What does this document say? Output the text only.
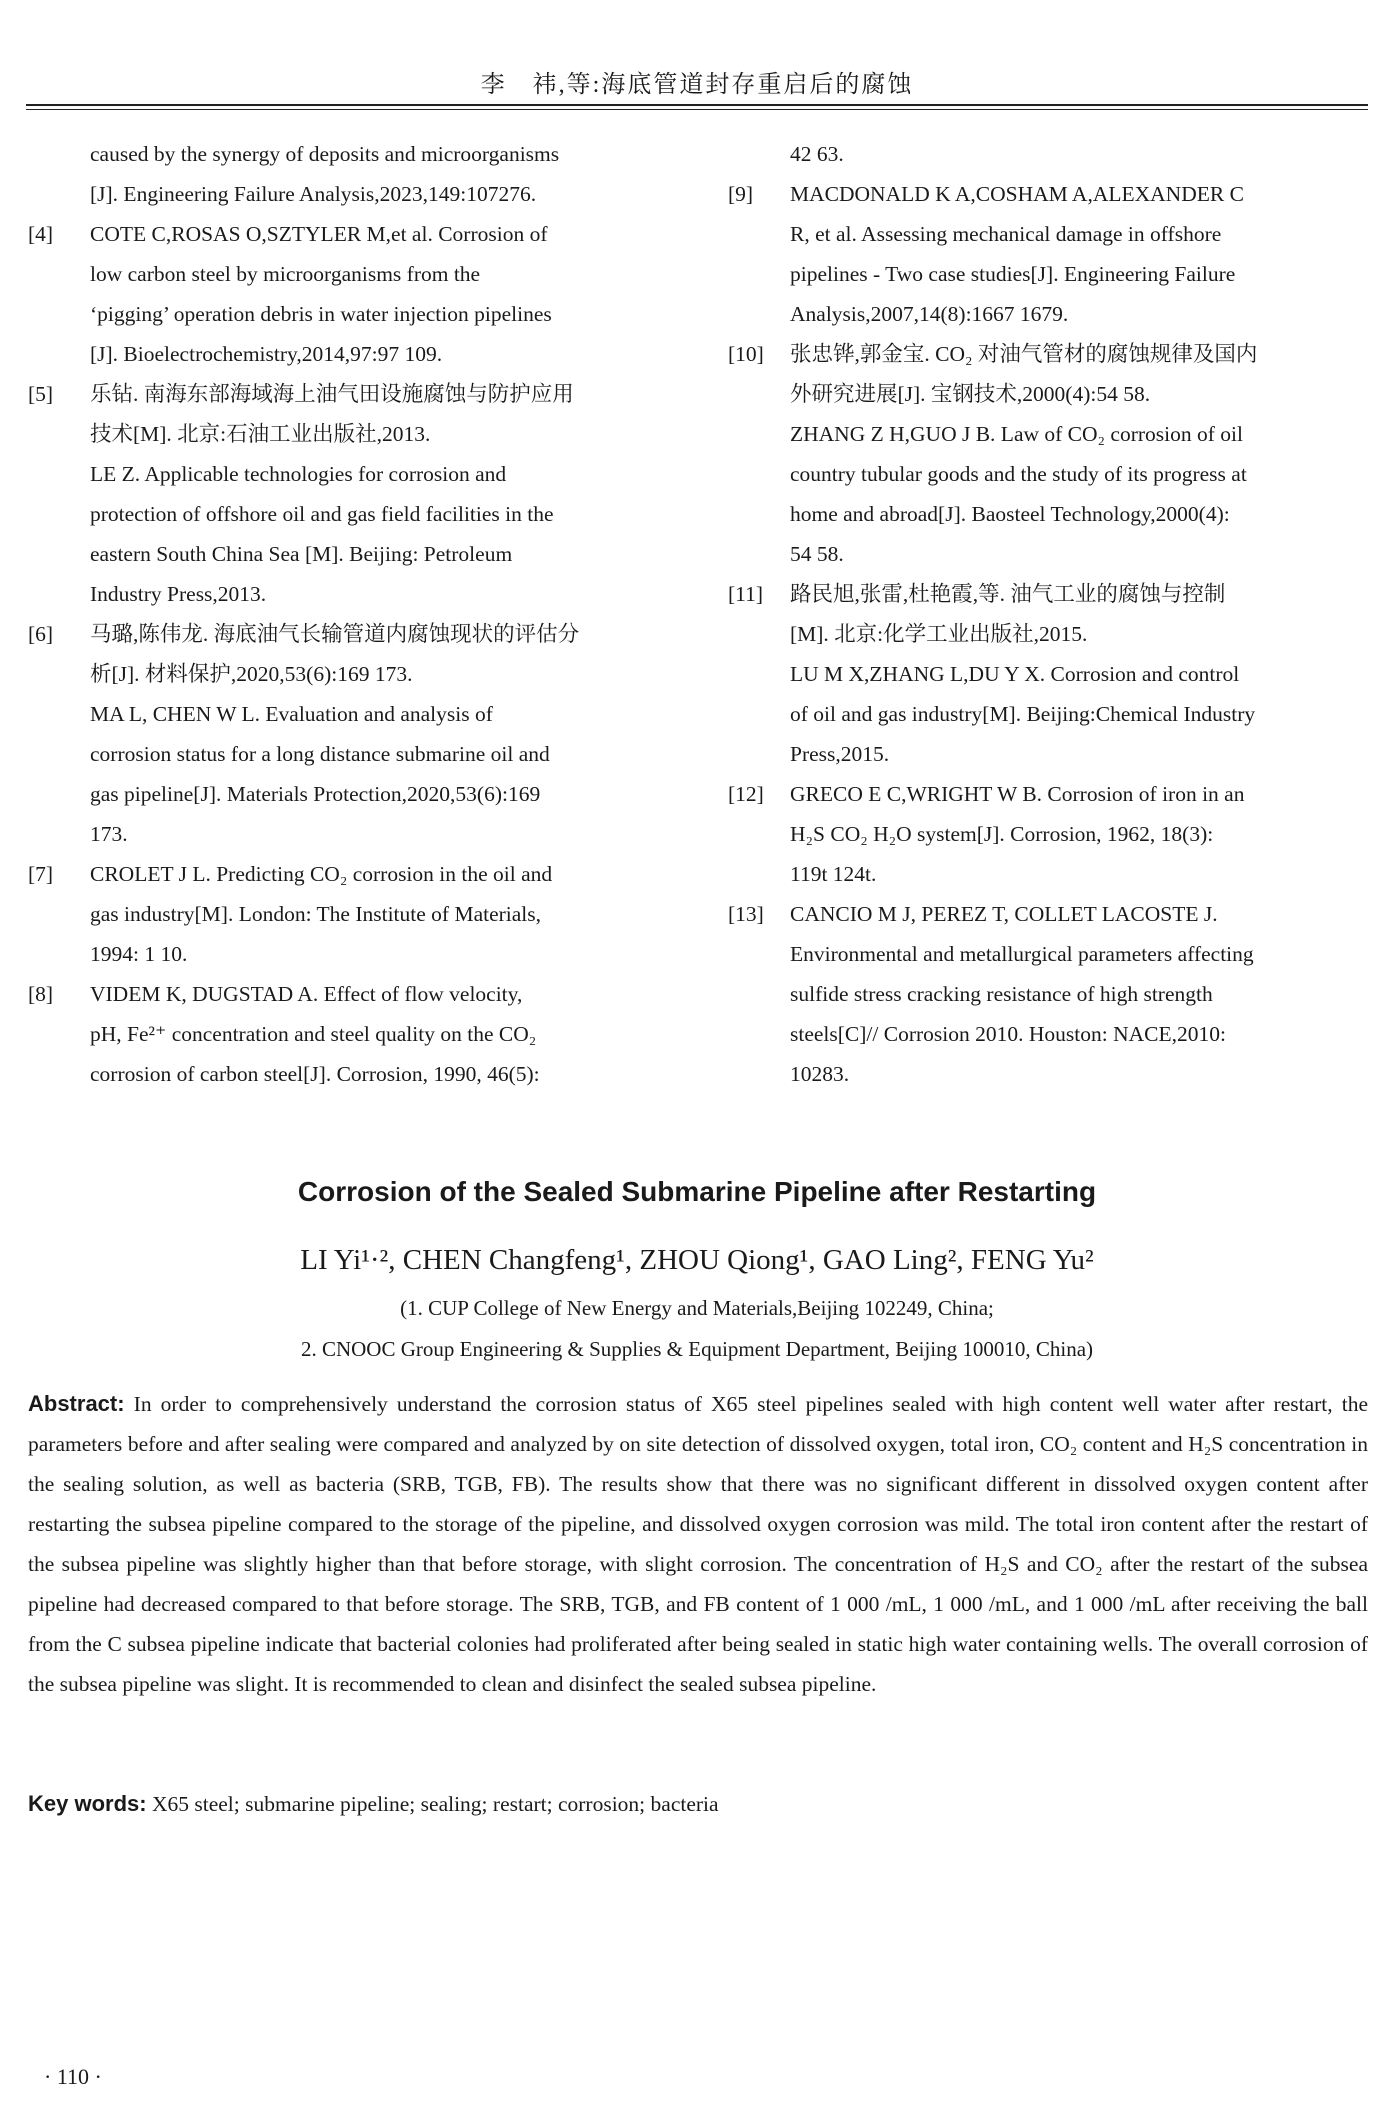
李　祎,等:海底管道封存重启后的腐蚀
caused by the synergy of deposits and microorganisms
[J]. Engineering Failure Analysis,2023,149:107276.
[4] COTE C,ROSAS O,SZTYLER M,et al. Corrosion of
low carbon steel by microorganisms from the
‘pigging’ operation debris in water injection pipelines
[J]. Bioelectrochemistry,2014,97:97 109.
[5] 乐钻. 南海东部海域海上油气田设施腐蚀与防护应用
技术[M]. 北京:石油工业出版社,2013.
LE Z. Applicable technologies for corrosion and
protection of offshore oil and gas field facilities in the
eastern South China Sea [M]. Beijing: Petroleum
Industry Press,2013.
[6] 马璐,陈伟龙. 海底油气长输管道内腐蚀现状的评估分
析[J]. 材料保护,2020,53(6):169 173.
MA L, CHEN W L. Evaluation and analysis of
corrosion status for a long distance submarine oil and
gas pipeline[J]. Materials Protection,2020,53(6):169
173.
[7] CROLET J L. Predicting CO₂ corrosion in the oil and
gas industry[M]. London: The Institute of Materials,
1994: 1 10.
[8] VIDEM K, DUGSTAD A. Effect of flow velocity,
pH, Fe²⁺ concentration and steel quality on the CO₂
corrosion of carbon steel[J]. Corrosion, 1990, 46(5):
42 63.
[9] MACDONALD K A,COSHAM A,ALEXANDER C
R, et al. Assessing mechanical damage in offshore
pipelines - Two case studies[J]. Engineering Failure
Analysis,2007,14(8):1667 1679.
[10] 张忠铧,郭金宝. CO₂ 对油气管材的腐蚀规律及国内
外研究进展[J]. 宝钢技术,2000(4):54 58.
ZHANG Z H,GUO J B. Law of CO₂ corrosion of oil
country tubular goods and the study of its progress at
home and abroad[J]. Baosteel Technology,2000(4):
54 58.
[11] 路民旭,张雷,杜艳霞,等. 油气工业的腐蚀与控制
[M]. 北京:化学工业出版社,2015.
LU M X,ZHANG L,DU Y X. Corrosion and control
of oil and gas industry[M]. Beijing:Chemical Industry
Press,2015.
[12] GRECO E C,WRIGHT W B. Corrosion of iron in an
H₂S CO₂ H₂O system[J]. Corrosion, 1962, 18(3):
119t 124t.
[13] CANCIO M J, PEREZ T, COLLET LACOSTE J.
Environmental and metallurgical parameters affecting
sulfide stress cracking resistance of high strength
steels[C]// Corrosion 2010. Houston: NACE,2010:
10283.
Corrosion of the Sealed Submarine Pipeline after Restarting
LI Yi¹·², CHEN Changfeng¹, ZHOU Qiong¹, GAO Ling², FENG Yu²
(1. CUP College of New Energy and Materials,Beijing 102249, China;
2. CNOOC Group Engineering & Supplies & Equipment Department, Beijing 100010, China)
Abstract: In order to comprehensively understand the corrosion status of X65 steel pipelines sealed with high content well water after restart, the parameters before and after sealing were compared and analyzed by on site detection of dissolved oxygen, total iron, CO₂ content and H₂S concentration in the sealing solution, as well as bacteria (SRB, TGB, FB). The results show that there was no significant different in dissolved oxygen content after restarting the subsea pipeline compared to the storage of the pipeline, and dissolved oxygen corrosion was mild. The total iron content after the restart of the subsea pipeline was slightly higher than that before storage, with slight corrosion. The concentration of H₂S and CO₂ after the restart of the subsea pipeline had decreased compared to that before storage. The SRB, TGB, and FB content of 1 000 /mL, 1 000 /mL, and 1 000 /mL after receiving the ball from the C subsea pipeline indicate that bacterial colonies had proliferated after being sealed in static high water containing wells. The overall corrosion of the subsea pipeline was slight. It is recommended to clean and disinfect the sealed subsea pipeline.
Key words: X65 steel; submarine pipeline; sealing; restart; corrosion; bacteria
· 110 ·
